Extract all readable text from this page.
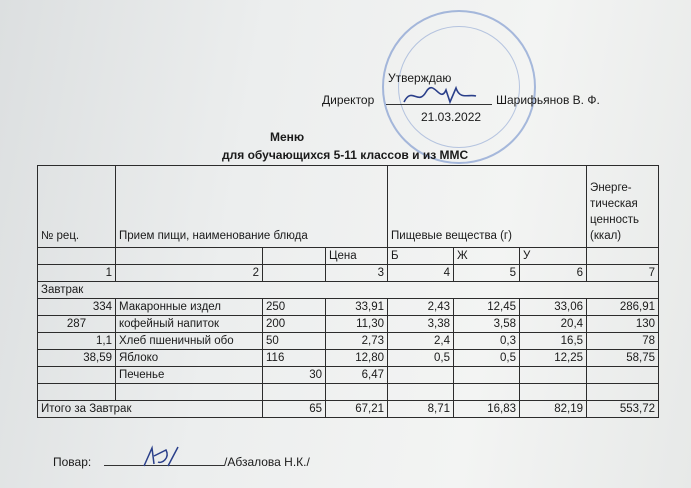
Утверждаю
Директор	Шарифьянов В. Ф.
21.03.2022
Меню
для обучающихся 5-11 классов и из ММС
№ рец.	Прием пищи, наименование блюда			Пищевые вещества (г)			Энерге- тическая ценность (ккал)
			Цена	Б	Ж	У	
1	2		3	4	5	6	7
Завтрак							
334	Макаронные издел	250	33,91	2,43	12,45	33,06	286,91
287	кофейный напиток	200	11,30	3,38	3,58	20,4	130
1,1	Хлеб пшеничный обо	50	2,73	2,4	0,3	16,5	78
38,59	Яблоко	116	12,80	0,5	0,5	12,25	58,75
	Печенье	30	6,47				

Итого за Завтрак		65	67,21	8,71	16,83	82,19	553,72
Повар:	/Абзалова Н.К./
